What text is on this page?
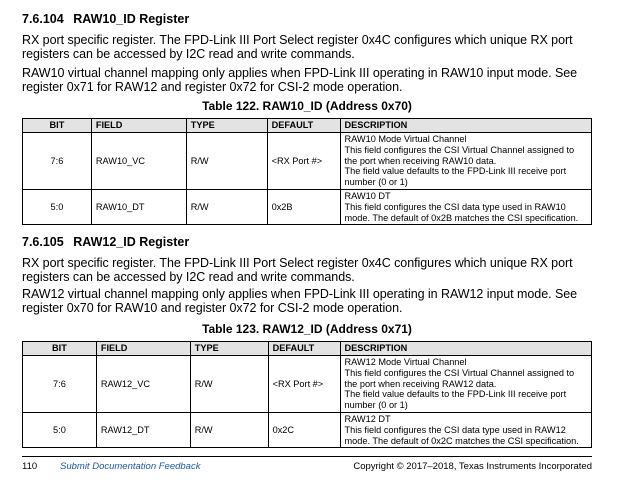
7.6.104 RAW10_ID Register

RX port specific register. The FPD-Link III Port Select register 0x4C configures which unique RX port registers can be accessed by I2C read and write commands.

RAW10 virtual channel mapping only applies when FPD-Link III operating in RAW10 input mode. See register 0x71 for RAW12 and register 0x72 for CSI-2 mode operation.

Table 122. RAW10_ID (Address 0x70)
BIT	FIELD	TYPE	DEFAULT	DESCRIPTION
7:6	RAW10_VC	R/W	<RX Port #>	RAW10 Mode Virtual Channel
This field configures the CSI Virtual Channel assigned to the port when receiving RAW10 data.
The field value defaults to the FPD-Link III receive port number (0 or 1)

5:0	RAW10_DT	R/W	0x2B	RAW10 DT
This field configures the CSI data type used in RAW10 mode. The default of 0x2B matches the CSI specification.
7.6.105 RAW12_ID Register

RX port specific register. The FPD-Link III Port Select register 0x4C configures which unique RX port registers can be accessed by I2C read and write commands.

RAW12 virtual channel mapping only applies when FPD-Link III operating in RAW12 input mode. See register 0x70 for RAW10 and register 0x72 for CSI-2 mode operation.

Table 123. RAW12_ID (Address 0x71)
BIT	FIELD	TYPE	DEFAULT	DESCRIPTION
7:6	RAW12_VC	R/W	<RX Port #>	RAW12 Mode Virtual Channel
This field configures the CSI Virtual Channel assigned to the port when receiving RAW12 data.
The field value defaults to the FPD-Link III receive port number (0 or 1)

5:0	RAW12_DT	R/W	0x2C	RAW12 DT
This field configures the CSI data type used in RAW12 mode. The default of 0x2C matches the CSI specification.
110 Submit Documentation Feedback	Copyright © 2017–2018, Texas Instruments Incorporated
